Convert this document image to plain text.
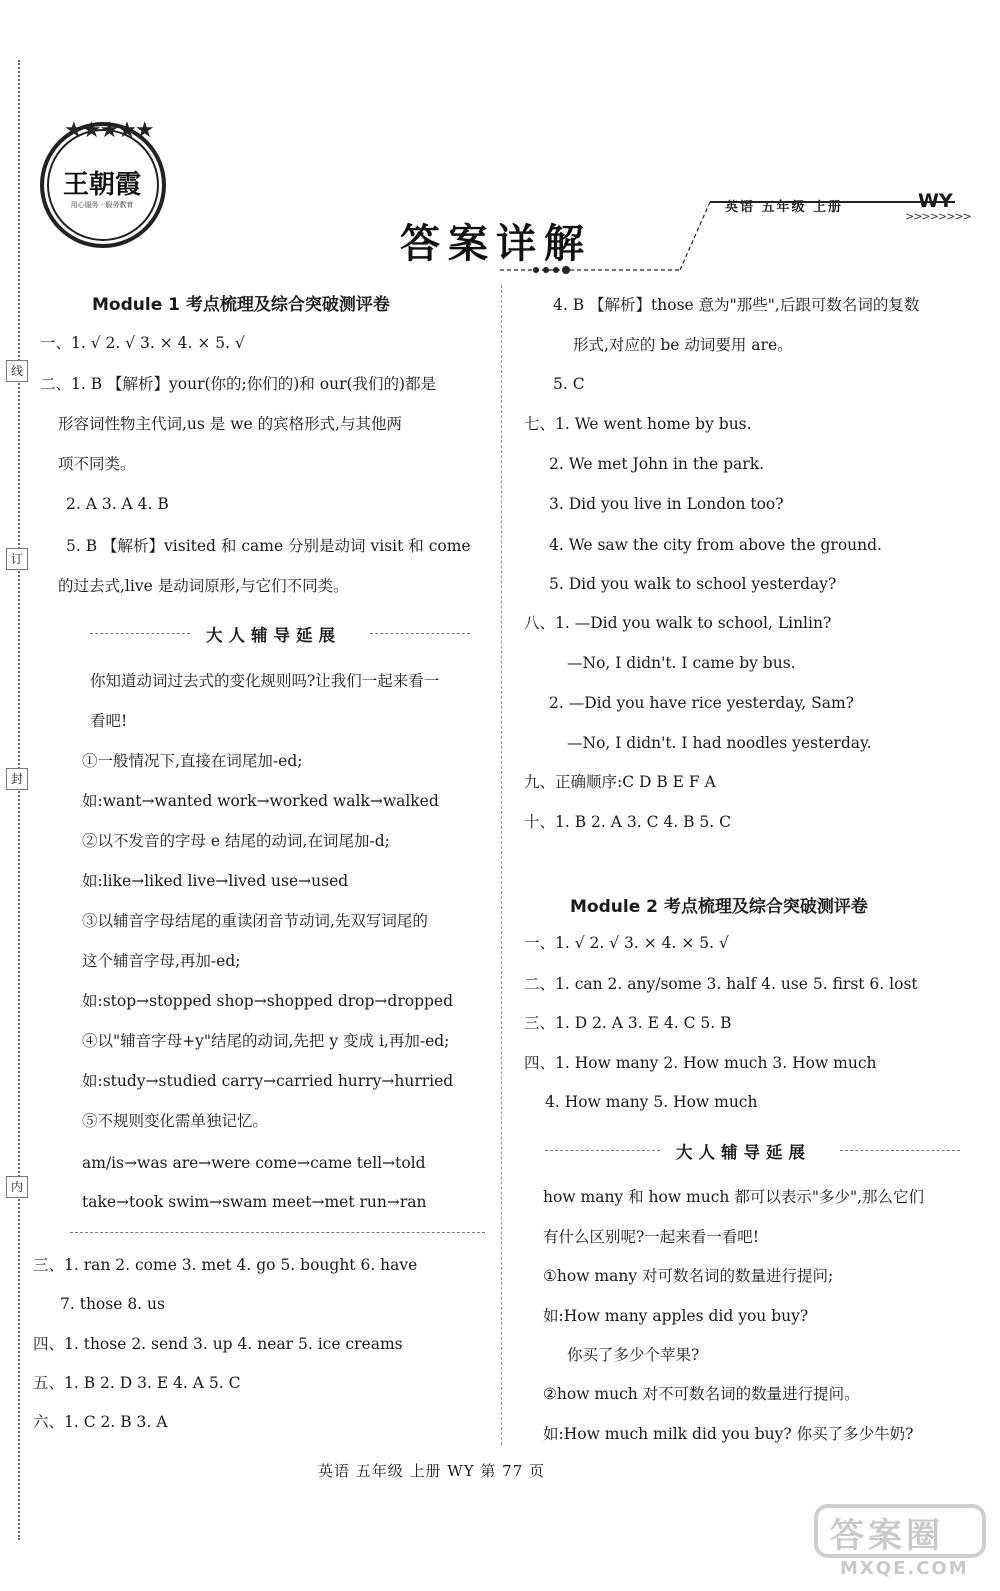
线
订
封
内
★★★★★
王朝霞
用心服务 · 服务教育	英语 五年级 上册	WY
>>>>>>>>
答案详解
Module 1 考点梳理及综合突破测评卷
一、1. √ 2. √ 3. × 4. × 5. √
二、1. B 【解析】your(你的;你们的)和 our(我们的)都是
形容词性物主代词,us 是 we 的宾格形式,与其他两
项不同类。
2. A 3. A 4. B
5. B 【解析】visited 和 came 分别是动词 visit 和 come
的过去式,live 是动词原形,与它们不同类。
大人辅导延展
你知道动词过去式的变化规则吗?让我们一起来看一
看吧!
①一般情况下,直接在词尾加-ed;
如:want→wanted work→worked walk→walked
②以不发音的字母 e 结尾的动词,在词尾加-d;
如:like→liked live→lived use→used
③以辅音字母结尾的重读闭音节动词,先双写词尾的
这个辅音字母,再加-ed;
如:stop→stopped shop→shopped drop→dropped
④以"辅音字母+y"结尾的动词,先把 y 变成 i,再加-ed;
如:study→studied carry→carried hurry→hurried
⑤不规则变化需单独记忆。
am/is→was are→were come→came tell→told
take→took swim→swam meet→met run→ran
三、1. ran 2. come 3. met 4. go 5. bought 6. have
7. those 8. us
四、1. those 2. send 3. up 4. near 5. ice creams
五、1. B 2. D 3. E 4. A 5. C
六、1. C 2. B 3. A
4. B 【解析】those 意为"那些",后跟可数名词的复数
形式,对应的 be 动词要用 are。
5. C
七、1. We went home by bus.
2. We met John in the park.
3. Did you live in London too?
4. We saw the city from above the ground.
5. Did you walk to school yesterday?
八、1. —Did you walk to school, Linlin?
—No, I didn't. I came by bus.
2. —Did you have rice yesterday, Sam?
—No, I didn't. I had noodles yesterday.
九、正确顺序:C D B E F A
十、1. B 2. A 3. C 4. B 5. C
Module 2 考点梳理及综合突破测评卷
一、1. √ 2. √ 3. × 4. × 5. √
二、1. can 2. any/some 3. half 4. use 5. first 6. lost
三、1. D 2. A 3. E 4. C 5. B
四、1. How many 2. How much 3. How much
4. How many 5. How much
大人辅导延展
how many 和 how much 都可以表示"多少",那么它们
有什么区别呢?一起来看一看吧!
①how many 对可数名词的数量进行提问;
如:How many apples did you buy?
你买了多少个苹果?
②how much 对不可数名词的数量进行提问。
如:How much milk did you buy? 你买了多少牛奶?
英语 五年级 上册 WY 第 77 页
答案圈
MXQE.COM
